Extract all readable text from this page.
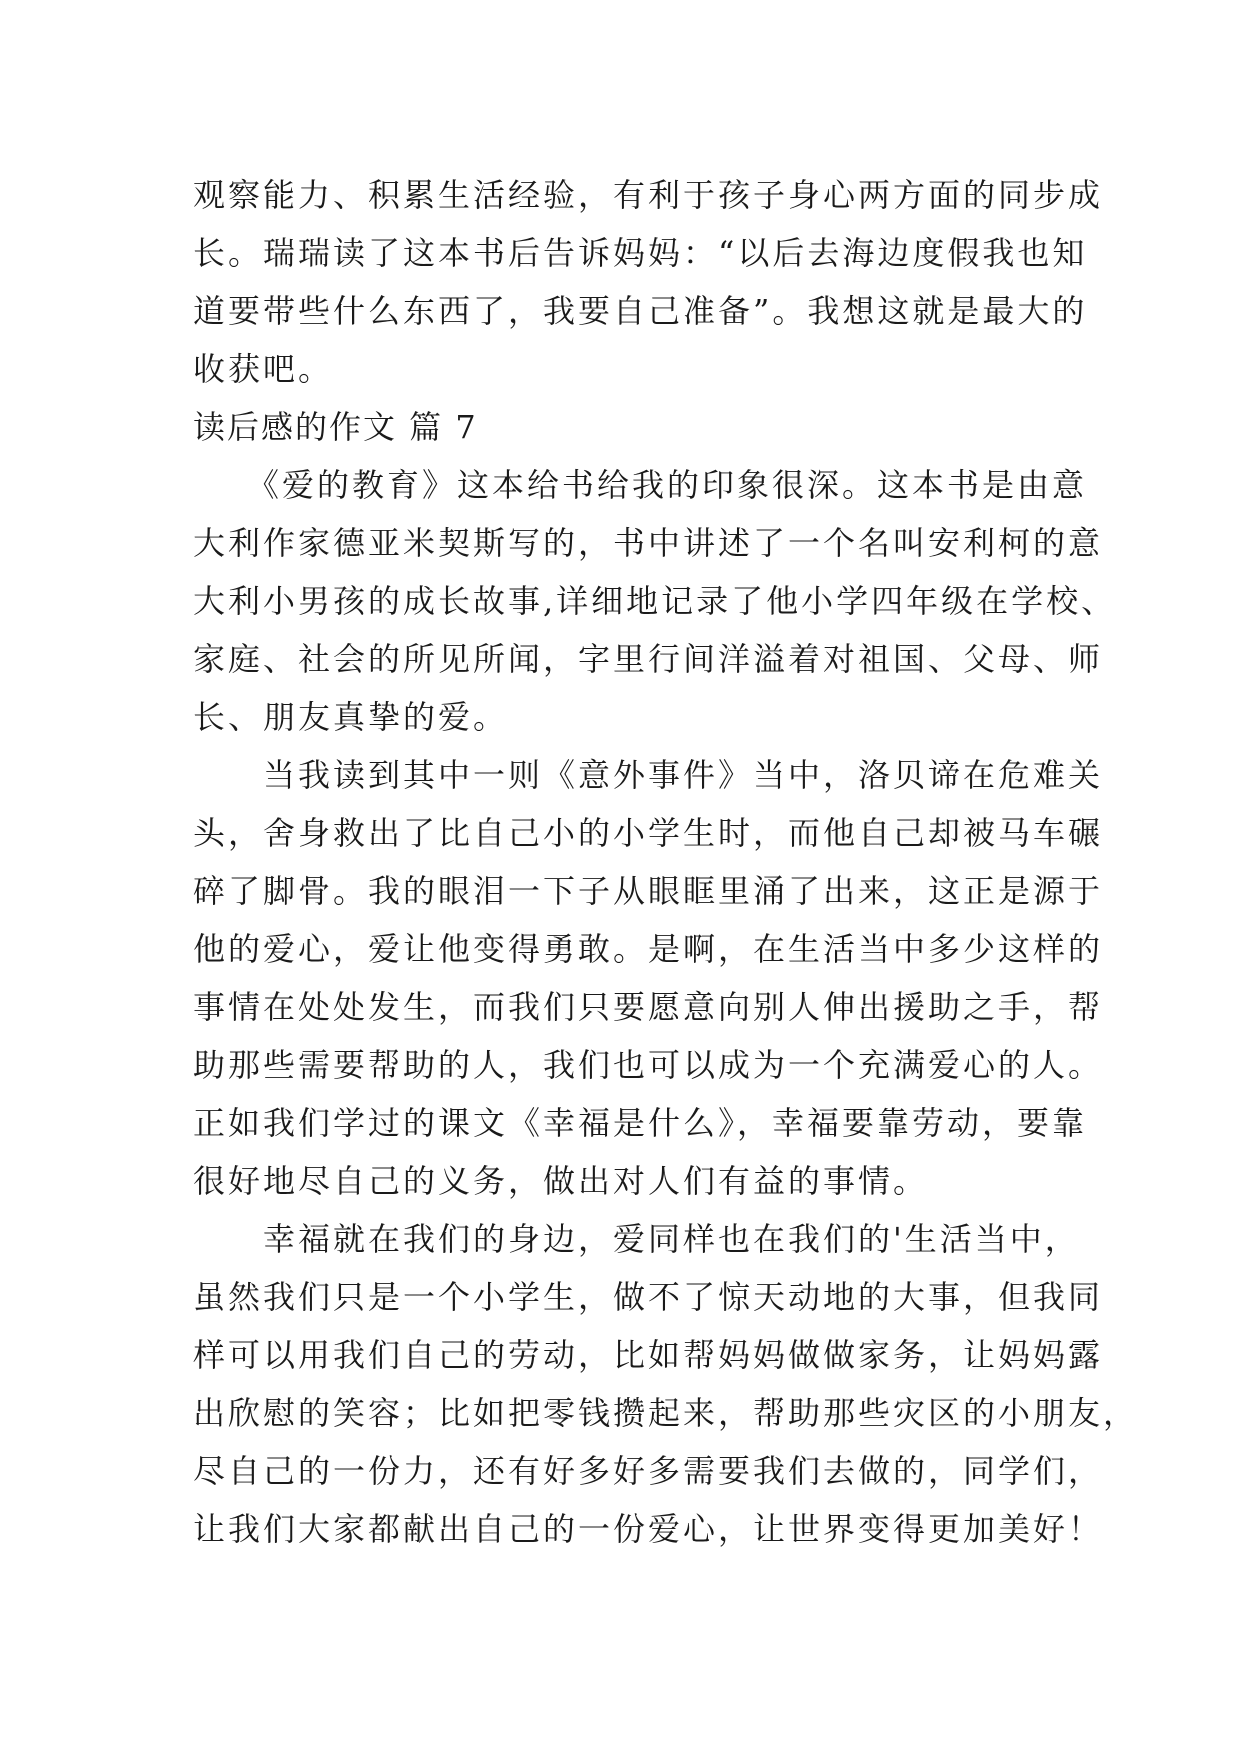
观察能力、积累生活经验，有利于孩子身心两方面的同步成
长。瑞瑞读了这本书后告诉妈妈：“以后去海边度假我也知
道要带些什么东西了，我要自己准备”。我想这就是最大的
收获吧。
读后感的作文 篇 7
　　《爱的教育》这本给书给我的印象很深。这本书是由意
大利作家德亚米契斯写的，书中讲述了一个名叫安利柯的意
大利小男孩的成长故事,详细地记录了他小学四年级在学校、
家庭、社会的所见所闻，字里行间洋溢着对祖国、父母、师
长、朋友真挚的爱。
　　当我读到其中一则《意外事件》当中，洛贝谛在危难关
头，舍身救出了比自己小的小学生时，而他自己却被马车碾
碎了脚骨。我的眼泪一下子从眼眶里涌了出来，这正是源于
他的爱心，爱让他变得勇敢。是啊，在生活当中多少这样的
事情在处处发生，而我们只要愿意向别人伸出援助之手，帮
助那些需要帮助的人，我们也可以成为一个充满爱心的人。
正如我们学过的课文《幸福是什么》，幸福要靠劳动，要靠
很好地尽自己的义务，做出对人们有益的事情。
　　幸福就在我们的身边，爱同样也在我们的'生活当中，
虽然我们只是一个小学生，做不了惊天动地的大事，但我同
样可以用我们自己的劳动，比如帮妈妈做做家务，让妈妈露
出欣慰的笑容；比如把零钱攒起来，帮助那些灾区的小朋友，
尽自己的一份力，还有好多好多需要我们去做的，同学们，
让我们大家都献出自己的一份爱心，让世界变得更加美好！
